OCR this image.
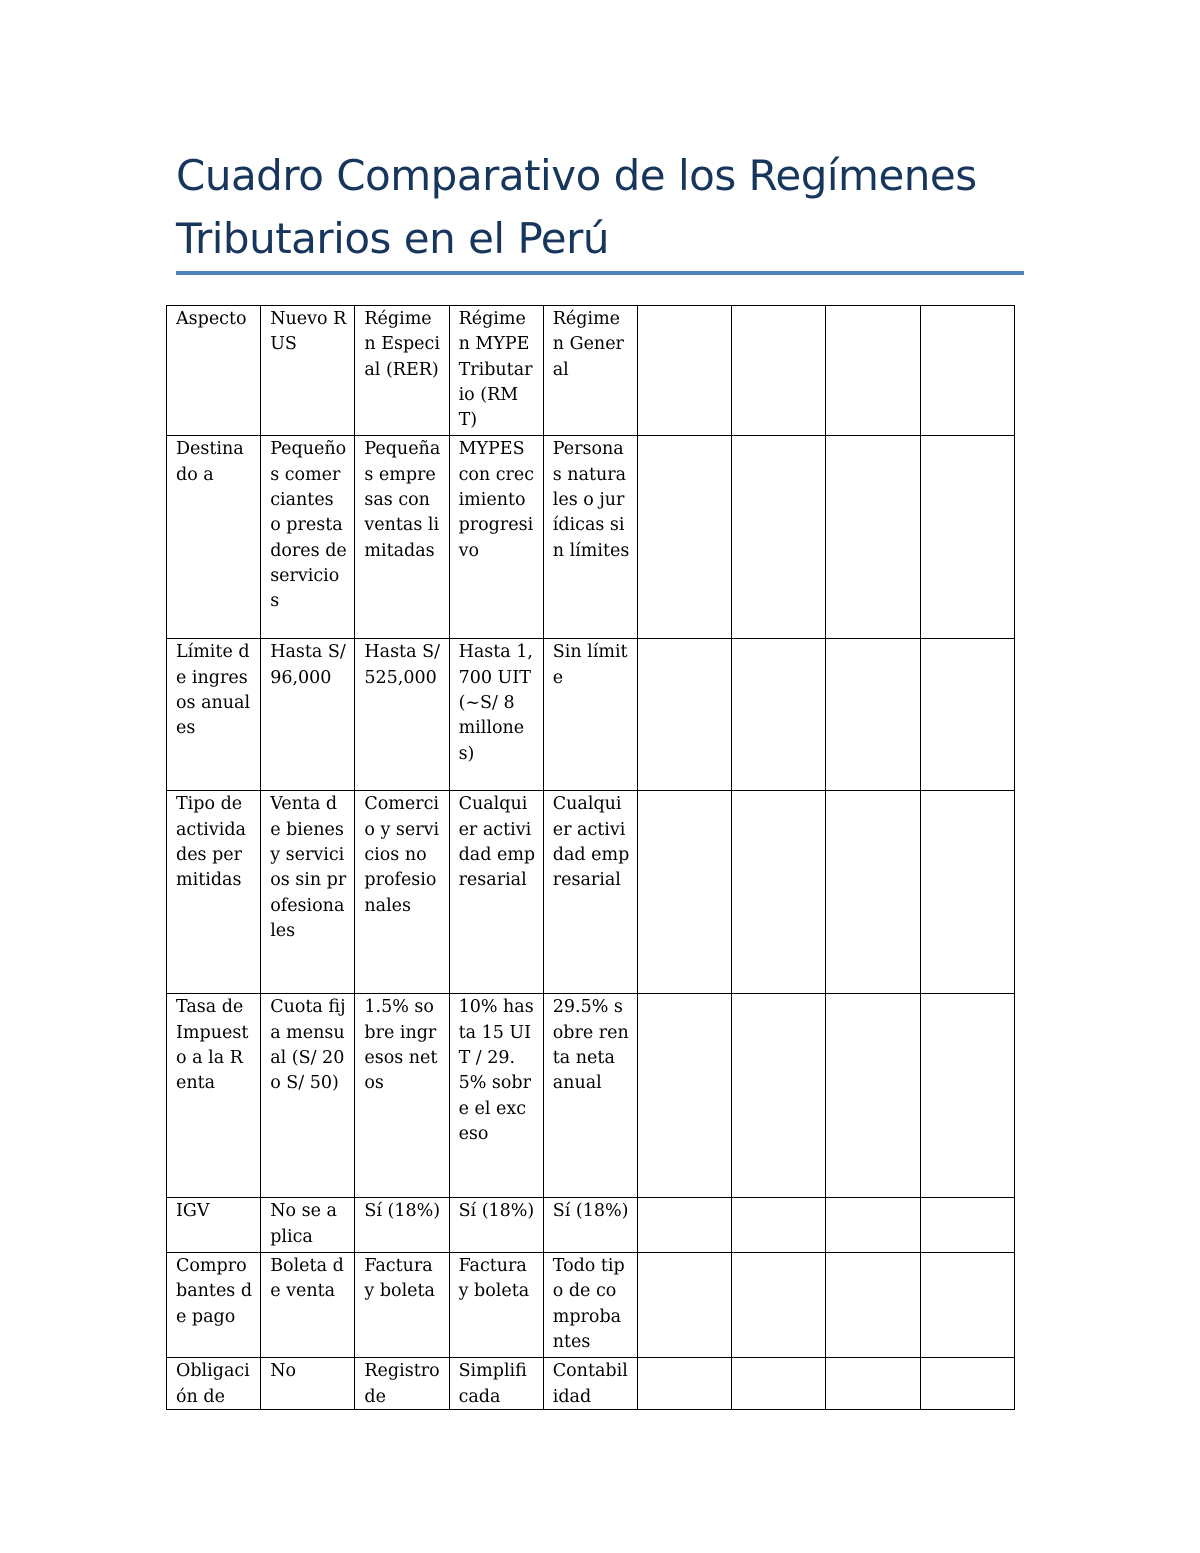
Cuadro Comparativo de los Regímenes Tributarios en el Perú
Aspecto	Nuevo RUS	Régimen Especial (RER)	Régimen MYPE Tributario (RMT)	Régimen General				
Destinado a	Pequeños comerciantes o prestadores de servicios	Pequeñas empresas con ventas limitadas	MYPES con crecimiento progresivo	Personas naturales o jurídicas sin límites				
Límite de ingresos anuales	Hasta S/ 96,000	Hasta S/ 525,000	Hasta 1,700 UIT (~S/ 8 millones)	Sin límite				
Tipo de actividades permitidas	Venta de bienes y servicios sin profesionales	Comercio y servicios no profesionales	Cualquier actividad empresarial	Cualquier actividad empresarial				
Tasa de Impuesto a la Renta	Cuota fija mensual (S/ 20 o S/ 50)	1.5% sobre ingresos netos	10% hasta 15 UIT / 29.5% sobre el exceso	29.5% sobre renta neta anual				
IGV	No se aplica	Sí (18%)	Sí (18%)	Sí (18%)				
Comprobantes de pago	Boleta de venta	Factura y boleta	Factura y boleta	Todo tipo de comprobantes				

Obligación de	No	Registro de	Simplificada	Contabilidad				
